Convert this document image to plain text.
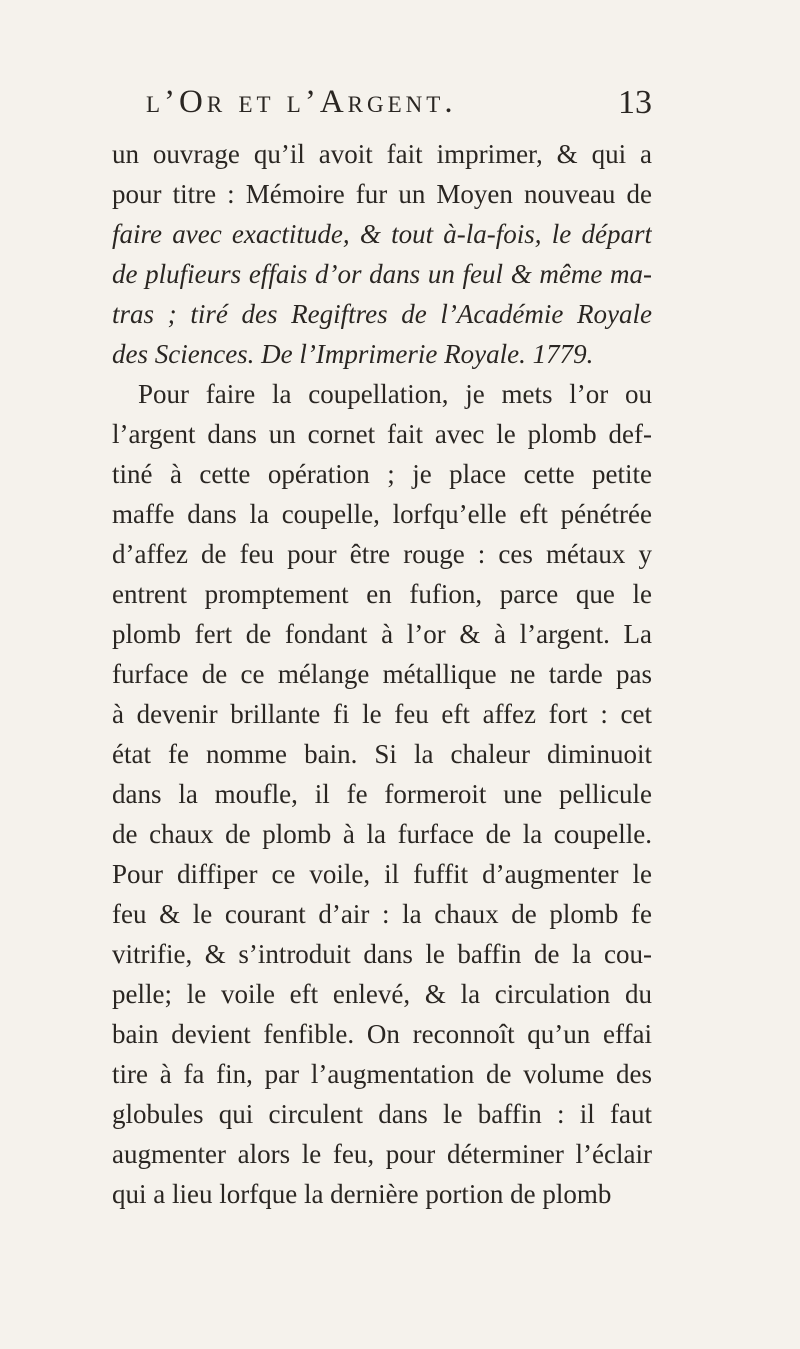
l’Or et l’Argent.	13
un ouvrage qu’il avoit fait imprimer, & qui a
pour titre : Mémoire fur un Moyen nouveau de
faire avec exactitude, & tout à-la-fois, le départ
de plufieurs effais d’or dans un feul & même ma-
tras ; tiré des Regiftres de l’Académie Royale
des Sciences. De l’Imprimerie Royale. 1779.
Pour faire la coupellation, je mets l’or ou
l’argent dans un cornet fait avec le plomb def-
tiné à cette opération ; je place cette petite
maffe dans la coupelle, lorfqu’elle eft pénétrée
d’affez de feu pour être rouge : ces métaux y
entrent promptement en fufion, parce que le
plomb fert de fondant à l’or & à l’argent. La
furface de ce mélange métallique ne tarde pas
à devenir brillante fi le feu eft affez fort : cet
état fe nomme bain. Si la chaleur diminuoit
dans la moufle, il fe formeroit une pellicule
de chaux de plomb à la furface de la coupelle.
Pour diffiper ce voile, il fuffit d’augmenter le
feu & le courant d’air : la chaux de plomb fe
vitrifie, & s’introduit dans le baffin de la cou-
pelle; le voile eft enlevé, & la circulation du
bain devient fenfible. On reconnoît qu’un effai
tire à fa fin, par l’augmentation de volume des
globules qui circulent dans le baffin : il faut
augmenter alors le feu, pour déterminer l’éclair
qui a lieu lorfque la dernière portion de plomb
